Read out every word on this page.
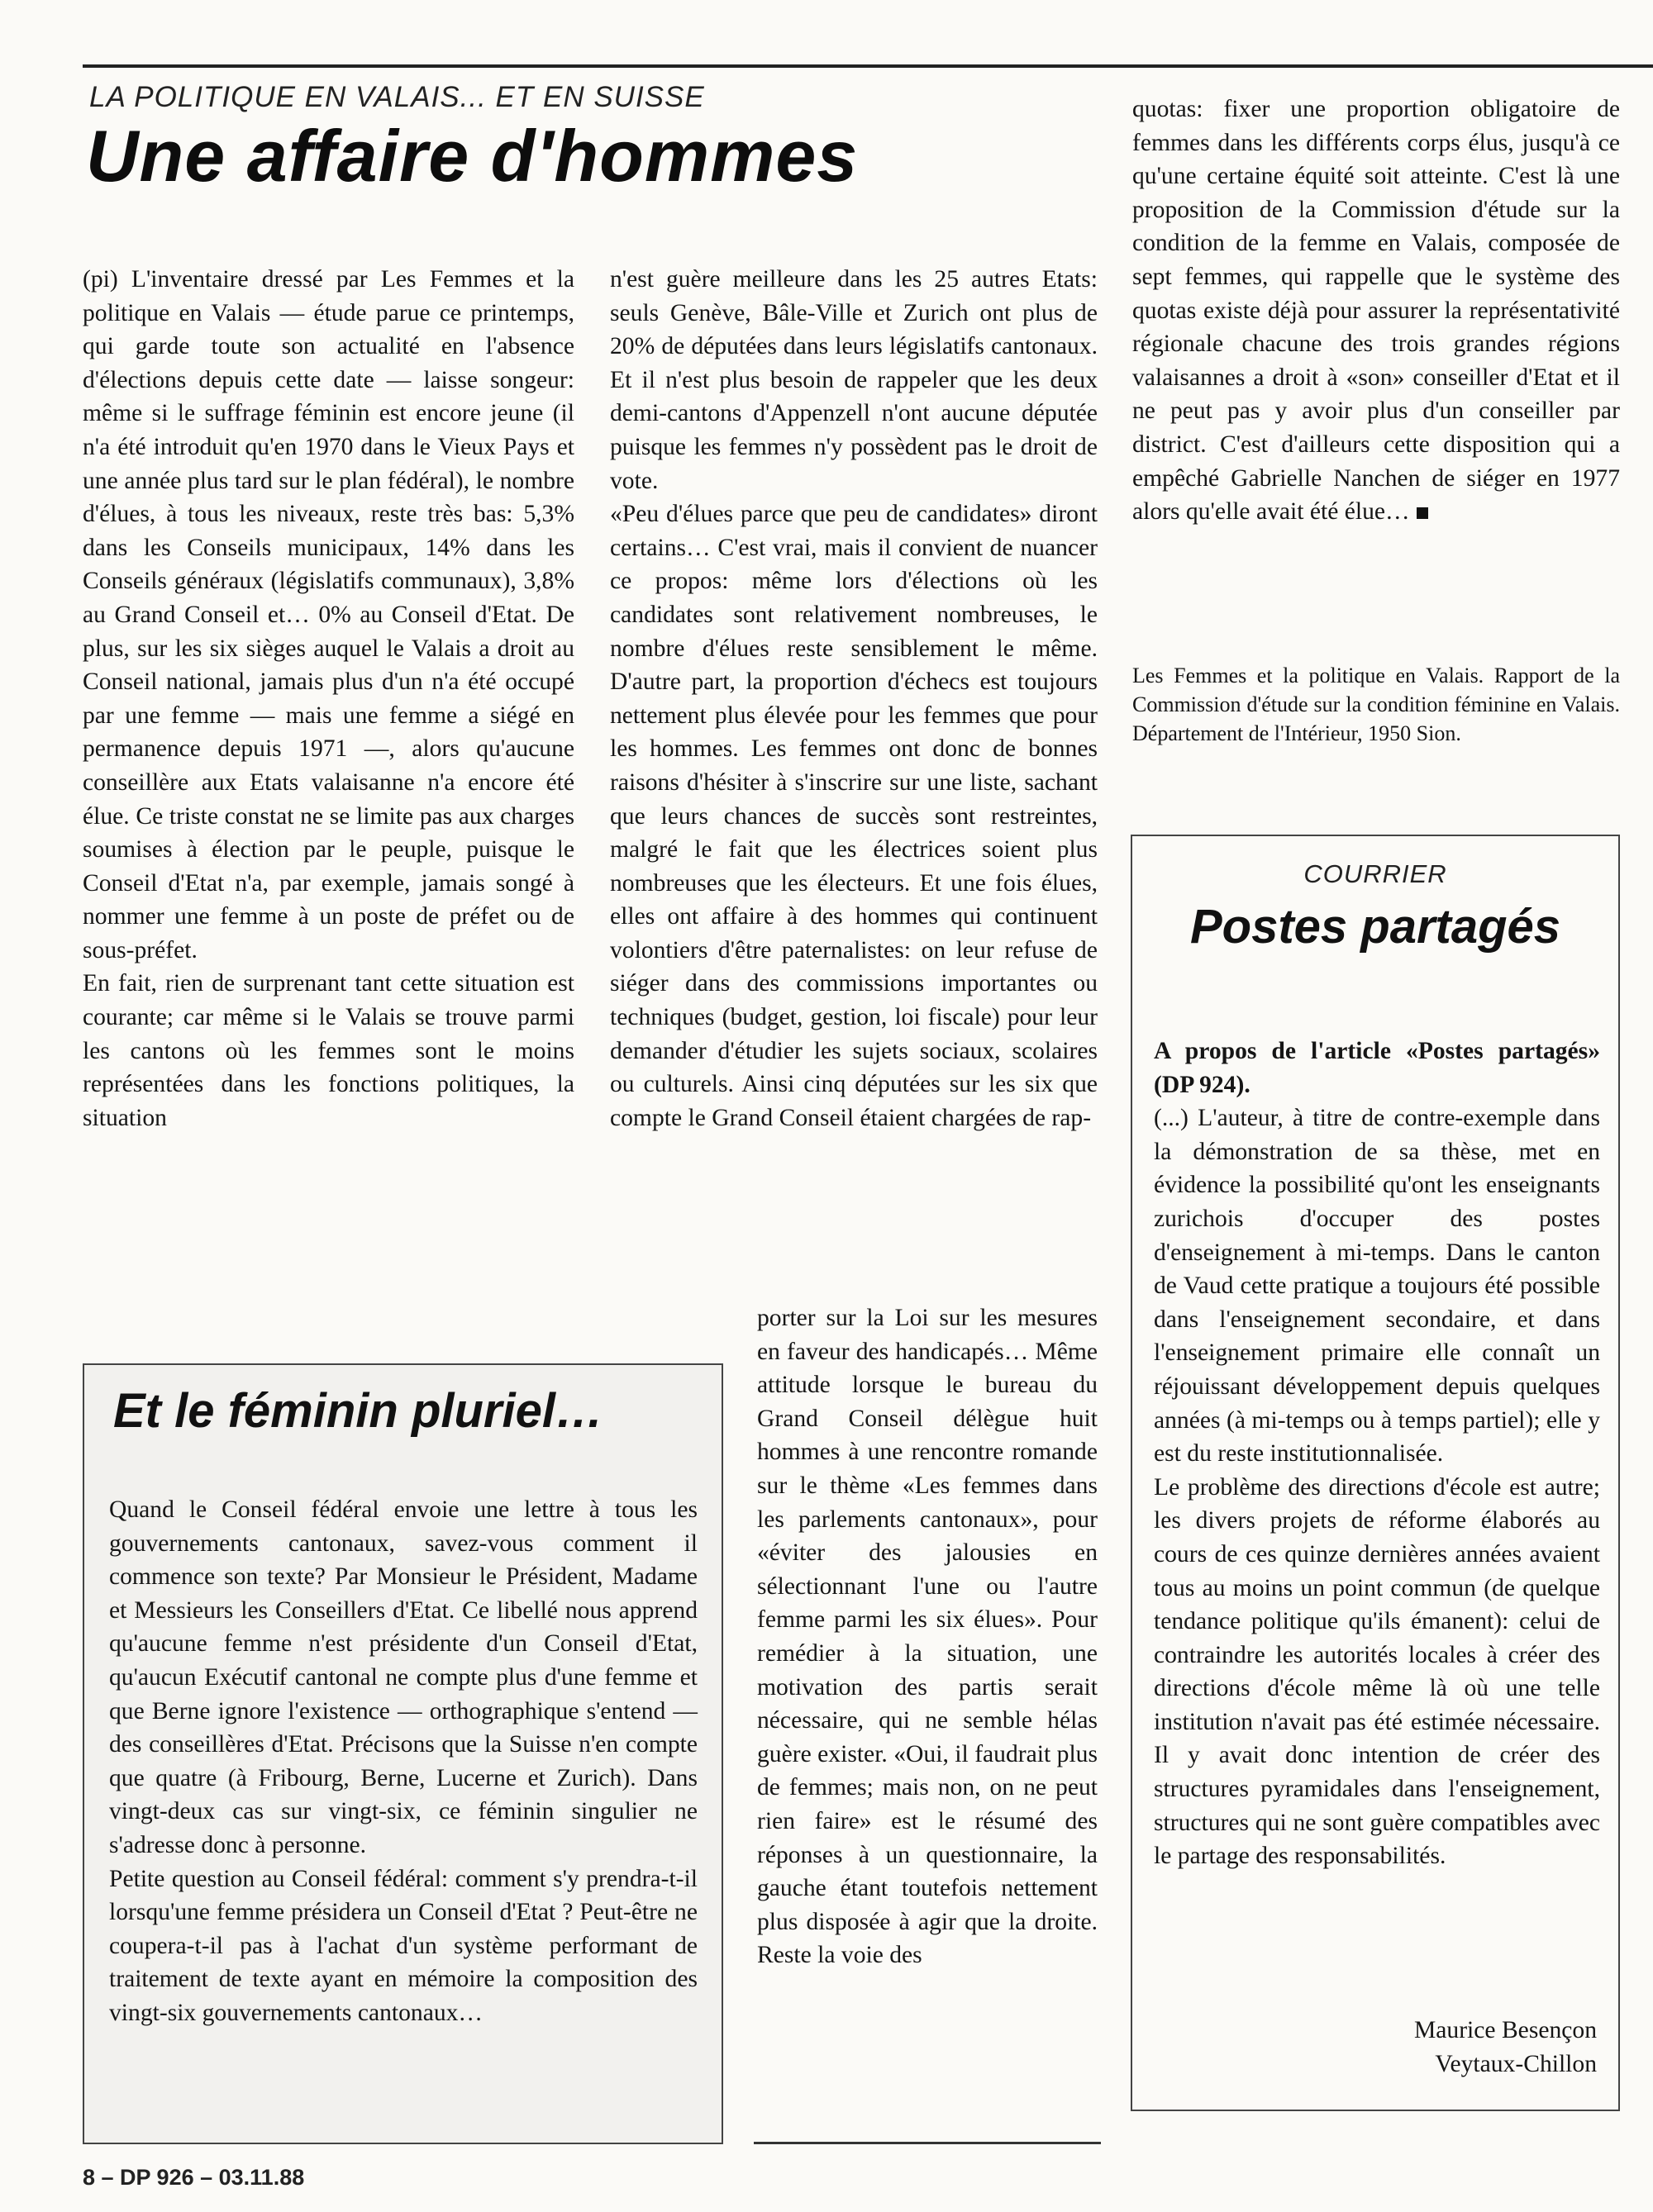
LA POLITIQUE EN VALAIS... ET EN SUISSE
Une affaire d'hommes

(pi) L'inventaire dressé par Les Femmes et la politique en Valais — étude parue ce printemps, qui garde toute son actualité en l'absence d'élections depuis cette date — laisse songeur: même si le suffrage féminin est encore jeune (il n'a été introduit qu'en 1970 dans le Vieux Pays et une année plus tard sur le plan fédéral), le nombre d'élues, à tous les niveaux, reste très bas: 5,3% dans les Conseils municipaux, 14% dans les Conseils généraux (législatifs communaux), 3,8% au Grand Conseil et… 0% au Conseil d'Etat. De plus, sur les six sièges auquel le Valais a droit au Conseil national, jamais plus d'un n'a été occupé par une femme — mais une femme a siégé en permanence depuis 1971 —, alors qu'aucune conseillère aux Etats valaisanne n'a encore été élue. Ce triste constat ne se limite pas aux charges soumises à élection par le peuple, puisque le Conseil d'Etat n'a, par exemple, jamais songé à nommer une femme à un poste de préfet ou de sous-préfet.

En fait, rien de surprenant tant cette situation est courante; car même si le Valais se trouve parmi les cantons où les femmes sont le moins représentées dans les fonctions politiques, la situation

n'est guère meilleure dans les 25 autres Etats: seuls Genève, Bâle-Ville et Zurich ont plus de 20% de députées dans leurs législatifs cantonaux. Et il n'est plus besoin de rappeler que les deux demi-cantons d'Appenzell n'ont aucune députée puisque les femmes n'y possèdent pas le droit de vote.

«Peu d'élues parce que peu de candidates» diront certains… C'est vrai, mais il convient de nuancer ce propos: même lors d'élections où les candidates sont relativement nombreuses, le nombre d'élues reste sensiblement le même. D'autre part, la proportion d'échecs est toujours nettement plus élevée pour les femmes que pour les hommes. Les femmes ont donc de bonnes raisons d'hésiter à s'inscrire sur une liste, sachant que leurs chances de succès sont restreintes, malgré le fait que les électrices soient plus nombreuses que les électeurs. Et une fois élues, elles ont affaire à des hommes qui continuent volontiers d'être paternalistes: on leur refuse de siéger dans des commissions importantes ou techniques (budget, gestion, loi fiscale) pour leur demander d'étudier les sujets sociaux, scolaires ou culturels. Ainsi cinq députées sur les six que compte le Grand Conseil étaient chargées de rap-

porter sur la Loi sur les mesures en faveur des handicapés… Même attitude lorsque le bureau du Grand Conseil délègue huit hommes à une rencontre romande sur le thème «Les femmes dans les parlements cantonaux», pour «éviter des jalousies en sélectionnant l'une ou l'autre femme parmi les six élues». Pour remédier à la situation, une motivation des partis serait nécessaire, qui ne semble hélas guère exister. «Oui, il faudrait plus de femmes; mais non, on ne peut rien faire» est le résumé des réponses à un questionnaire, la gauche étant toutefois nettement plus disposée à agir que la droite. Reste la voie des

quotas: fixer une proportion obligatoire de femmes dans les différents corps élus, jusqu'à ce qu'une certaine équité soit atteinte. C'est là une proposition de la Commission d'étude sur la condition de la femme en Valais, composée de sept femmes, qui rappelle que le système des quotas existe déjà pour assurer la représentativité régionale chacune des trois grandes régions valaisannes a droit à «son» conseiller d'Etat et il ne peut pas y avoir plus d'un conseiller par district. C'est d'ailleurs cette disposition qui a empêché Gabrielle Nanchen de siéger en 1977 alors qu'elle avait été élue…

Les Femmes et la politique en Valais. Rapport de la Commission d'étude sur la condition féminine en Valais. Département de l'Intérieur, 1950 Sion.
Et le féminin pluriel…
Quand le Conseil fédéral envoie une lettre à tous les gouvernements cantonaux, savez-vous comment il commence son texte? Par Monsieur le Président, Madame et Messieurs les Conseillers d'Etat. Ce libellé nous apprend qu'aucune femme n'est présidente d'un Conseil d'Etat, qu'aucun Exécutif cantonal ne compte plus d'une femme et que Berne ignore l'existence — orthographique s'entend — des conseillères d'Etat. Précisons que la Suisse n'en compte que quatre (à Fribourg, Berne, Lucerne et Zurich). Dans vingt-deux cas sur vingt-six, ce féminin singulier ne s'adresse donc à personne.
Petite question au Conseil fédéral: comment s'y prendra-t-il lorsqu'une femme présidera un Conseil d'Etat ? Peut-être ne coupera-t-il pas à l'achat d'un système performant de traitement de texte ayant en mémoire la composition des vingt-six gouvernements cantonaux…
COURRIER
Postes partagés
A propos de l'article «Postes partagés» (DP 924).
(...) L'auteur, à titre de contre-exemple dans la démonstration de sa thèse, met en évidence la possibilité qu'ont les enseignants zurichois d'occuper des postes d'enseignement à mi-temps. Dans le canton de Vaud cette pratique a toujours été possible dans l'enseignement secondaire, et dans l'enseignement primaire elle connaît un réjouissant développement depuis quelques années (à mi-temps ou à temps partiel); elle y est du reste institutionnalisée.
Le problème des directions d'école est autre; les divers projets de réforme élaborés au cours de ces quinze dernières années avaient tous au moins un point commun (de quelque tendance politique qu'ils émanent): celui de contraindre les autorités locales à créer des directions d'école même là où une telle institution n'avait pas été estimée nécessaire. Il y avait donc intention de créer des structures pyramidales dans l'enseignement, structures qui ne sont guère compatibles avec le partage des responsabilités.
Maurice Besençon
Veytaux-Chillon
8 – DP 926 – 03.11.88
